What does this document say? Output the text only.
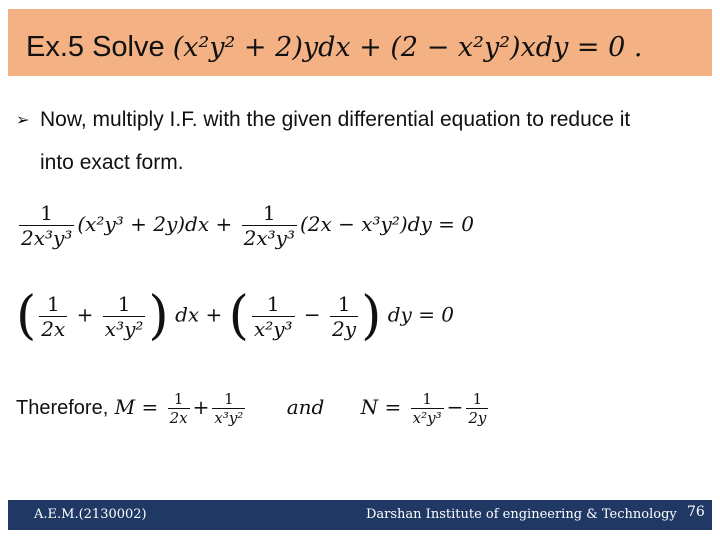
Ex.5 Solve (x²y² + 2)ydx + (2 − x²y²)xdy = 0 .
➢ Now, multiply I.F. with the given differential equation to reduce it
into exact form.
$\frac{1}{\text{2x³y³}} (x^2y^3 + 2y)dx + \frac{1}{\text{2x³y³}} (2x - x^3y^2)dy = 0$
( $\frac{1}{2x} + \frac{1}{\text{x³y²}}$ ) dx + ( $\frac{1}{\text{x²y³}} - \frac{1}{2y}$ ) dy = 0
Therefore, $M = \frac{1}{2x} + \frac{1}{\text{x³y²}}$ and $N = \frac{1}{\text{x²y³}} - \frac{1}{2y}$
A.E.M.(2130002)	Darshan Institute of engineering & Technology 76
